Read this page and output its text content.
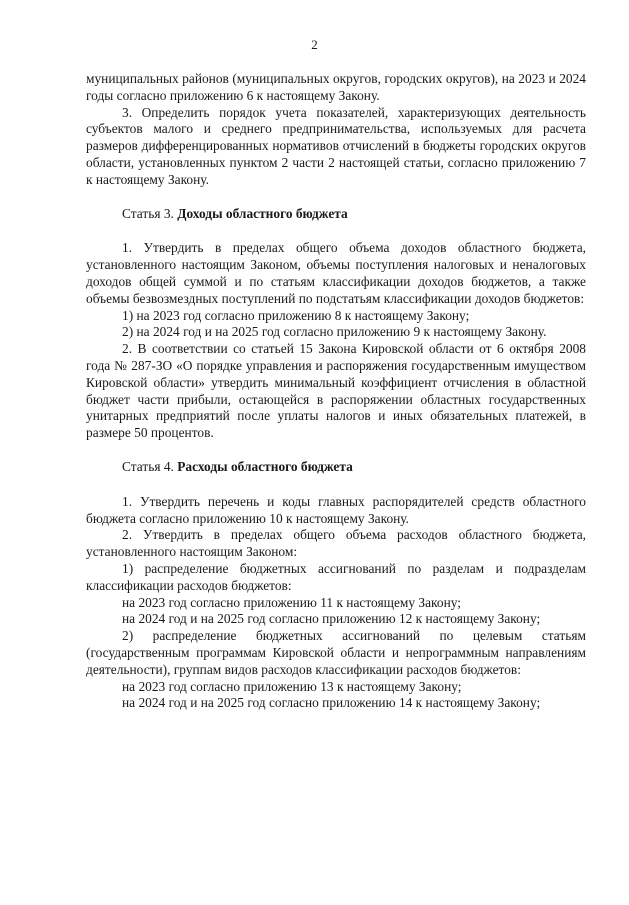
2

муниципальных районов (муниципальных округов, городских округов), на 2023 и 2024 годы согласно приложению 6 к настоящему Закону.

3. Определить порядок учета показателей, характеризующих деятельность субъектов малого и среднего предпринимательства, используемых для расчета размеров дифференцированных нормативов отчислений в бюджеты городских округов области, установленных пунктом 2 части 2 настоящей статьи, согласно приложению 7 к настоящему Закону.

Статья 3. Доходы областного бюджета

1. Утвердить в пределах общего объема доходов областного бюджета, установленного настоящим Законом, объемы поступления налоговых и неналоговых доходов общей суммой и по статьям классификации доходов бюджетов, а также объемы безвозмездных поступлений по подстатьям классификации доходов бюджетов:

1) на 2023 год согласно приложению 8 к настоящему Закону;

2) на 2024 год и на 2025 год согласно приложению 9 к настоящему Закону.

2. В соответствии со статьей 15 Закона Кировской области от 6 октября 2008 года № 287-ЗО «О порядке управления и распоряжения государственным имуществом Кировской области» утвердить минимальный коэффициент отчисления в областной бюджет части прибыли, остающейся в распоряжении областных государственных унитарных предприятий после уплаты налогов и иных обязательных платежей, в размере 50 процентов.

Статья 4. Расходы областного бюджета

1. Утвердить перечень и коды главных распорядителей средств областного бюджета согласно приложению 10 к настоящему Закону.

2. Утвердить в пределах общего объема расходов областного бюджета, установленного настоящим Законом:

1) распределение бюджетных ассигнований по разделам и подразделам классификации расходов бюджетов:

на 2023 год согласно приложению 11 к настоящему Закону;

на 2024 год и на 2025 год согласно приложению 12 к настоящему Закону;

2) распределение бюджетных ассигнований по целевым статьям (государственным программам Кировской области и непрограммным направлениям деятельности), группам видов расходов классификации расходов бюджетов:

на 2023 год согласно приложению 13 к настоящему Закону;

на 2024 год и на 2025 год согласно приложению 14 к настоящему Закону;
